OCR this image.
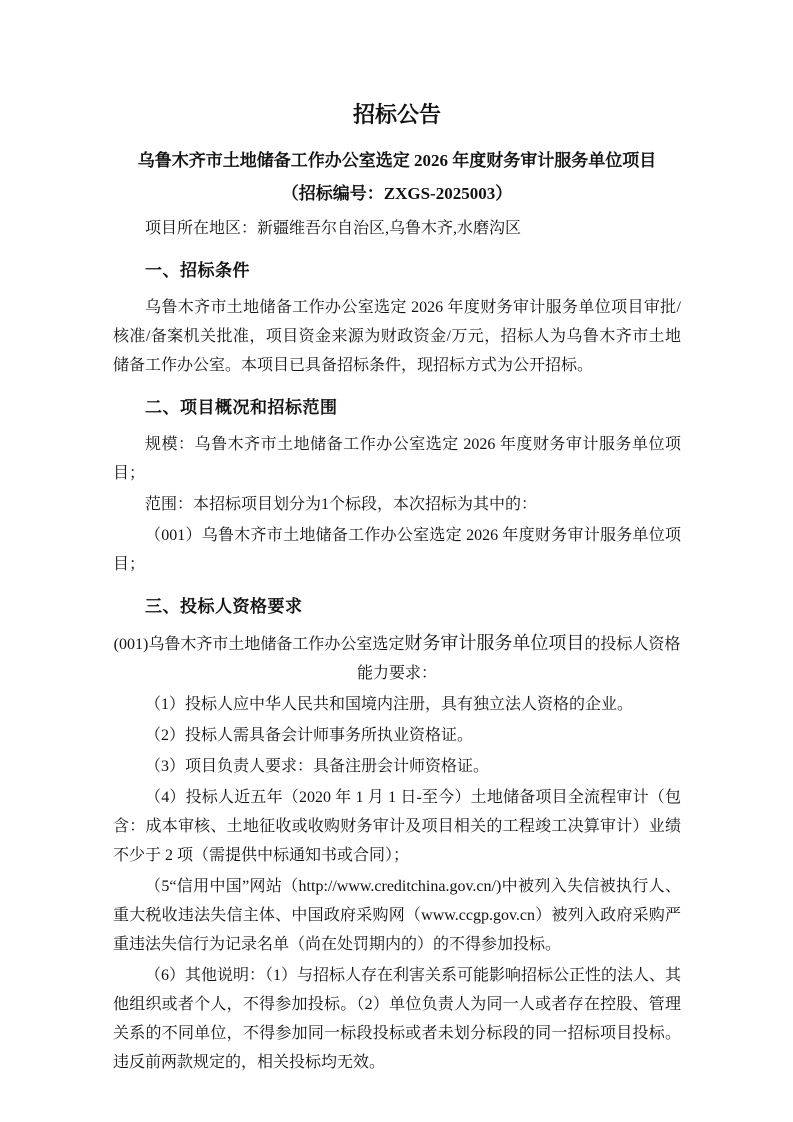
招标公告

乌鲁木齐市土地储备工作办公室选定 2026 年度财务审计服务单位项目

（招标编号：ZXGS-2025003）

项目所在地区：新疆维吾尔自治区,乌鲁木齐,水磨沟区

一、招标条件

乌鲁木齐市土地储备工作办公室选定 2026 年度财务审计服务单位项目审批/核准/备案机关批准，项目资金来源为财政资金/万元，招标人为乌鲁木齐市土地储备工作办公室。本项目已具备招标条件，现招标方式为公开招标。

二、项目概况和招标范围

规模：乌鲁木齐市土地储备工作办公室选定 2026 年度财务审计服务单位项目；

范围：本招标项目划分为1个标段，本次招标为其中的：

（001）乌鲁木齐市土地储备工作办公室选定 2026 年度财务审计服务单位项目；

三、投标人资格要求

(001)乌鲁木齐市土地储备工作办公室选定财务审计服务单位项目的投标人资格能力要求：

（1）投标人应中华人民共和国境内注册，具有独立法人资格的企业。

（2）投标人需具备会计师事务所执业资格证。

（3）项目负责人要求：具备注册会计师资格证。

（4）投标人近五年（2020 年 1 月 1 日-至今）土地储备项目全流程审计（包含：成本审核、土地征收或收购财务审计及项目相关的工程竣工决算审计）业绩不少于 2 项（需提供中标通知书或合同）；

（5“信用中国”网站（http://www.creditchina.gov.cn/)中被列入失信被执行人、重大税收违法失信主体、中国政府采购网（www.ccgp.gov.cn）被列入政府采购严重违法失信行为记录名单（尚在处罚期内的）的不得参加投标。

（6）其他说明：（1）与招标人存在利害关系可能影响招标公正性的法人、其他组织或者个人，不得参加投标。（2）单位负责人为同一人或者存在控股、管理关系的不同单位，不得参加同一标段投标或者未划分标段的同一招标项目投标。违反前两款规定的，相关投标均无效。
